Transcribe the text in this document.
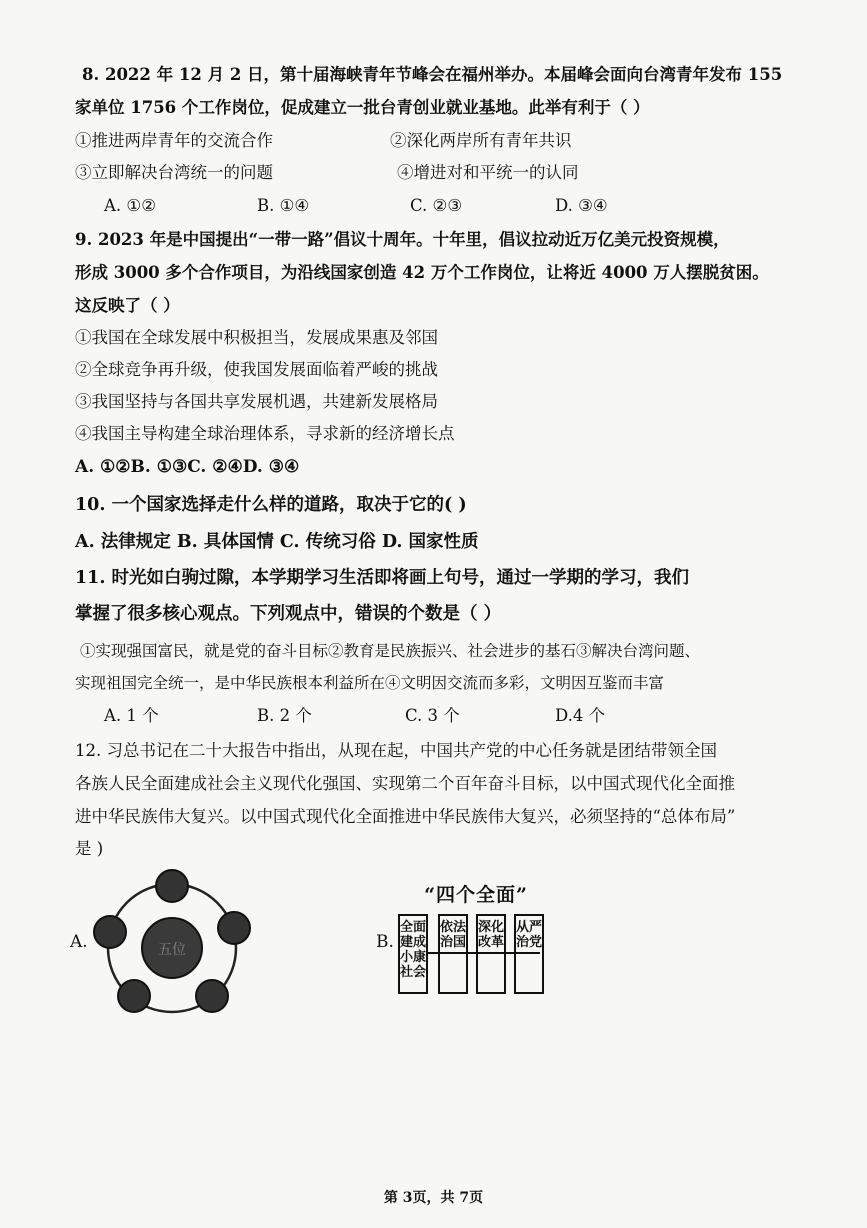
8. 2022 年 12 月 2 日，第十届海峡青年节峰会在福州举办。本届峰会面向台湾青年发布 155
家单位 1756 个工作岗位，促成建立一批台青创业就业基地。此举有利于（ ）
①推进两岸青年的交流合作	②深化两岸所有青年共识
③立即解决台湾统一的问题	④增进对和平统一的认同
A. ①②	B. ①④	C. ②③	D. ③④
9. 2023 年是中国提出“一带一路”倡议十周年。十年里，倡议拉动近万亿美元投资规模，
形成 3000 多个合作项目，为沿线国家创造 42 万个工作岗位，让将近 4000 万人摆脱贫困。
这反映了（ ）
①我国在全球发展中积极担当，发展成果惠及邻国
②全球竞争再升级，使我国发展面临着严峻的挑战
③我国坚持与各国共享发展机遇，共建新发展格局
④我国主导构建全球治理体系，寻求新的经济增长点
A. ①②B. ①③C. ②④D. ③④
10. 一个国家选择走什么样的道路，取决于它的( )
A. 法律规定 B. 具体国情 C. 传统习俗 D. 国家性质
11. 时光如白驹过隙，本学期学习生活即将画上句号，通过一学期的学习，我们
掌握了很多核心观点。下列观点中，错误的个数是（ ）
①实现强国富民，就是党的奋斗目标②教育是民族振兴、社会进步的基石③解决台湾问题、
实现祖国完全统一，是中华民族根本利益所在④文明因交流而多彩，文明因互鉴而丰富
A. 1 个	B. 2 个	C. 3 个	D.4 个
12. 习总书记在二十大报告中指出，从现在起，中国共产党的中心任务就是团结带领全国
各族人民全面建成社会主义现代化强国、实现第二个百年奋斗目标，以中国式现代化全面推
进中华民族伟大复兴。以中国式现代化全面推进中华民族伟大复兴，必须坚持的“总体布局”
是 )
A.	五位	B.
“四个全面”
全面建成小康社会
依法治国
深化改革
从严治党
第 3页，共 7页
